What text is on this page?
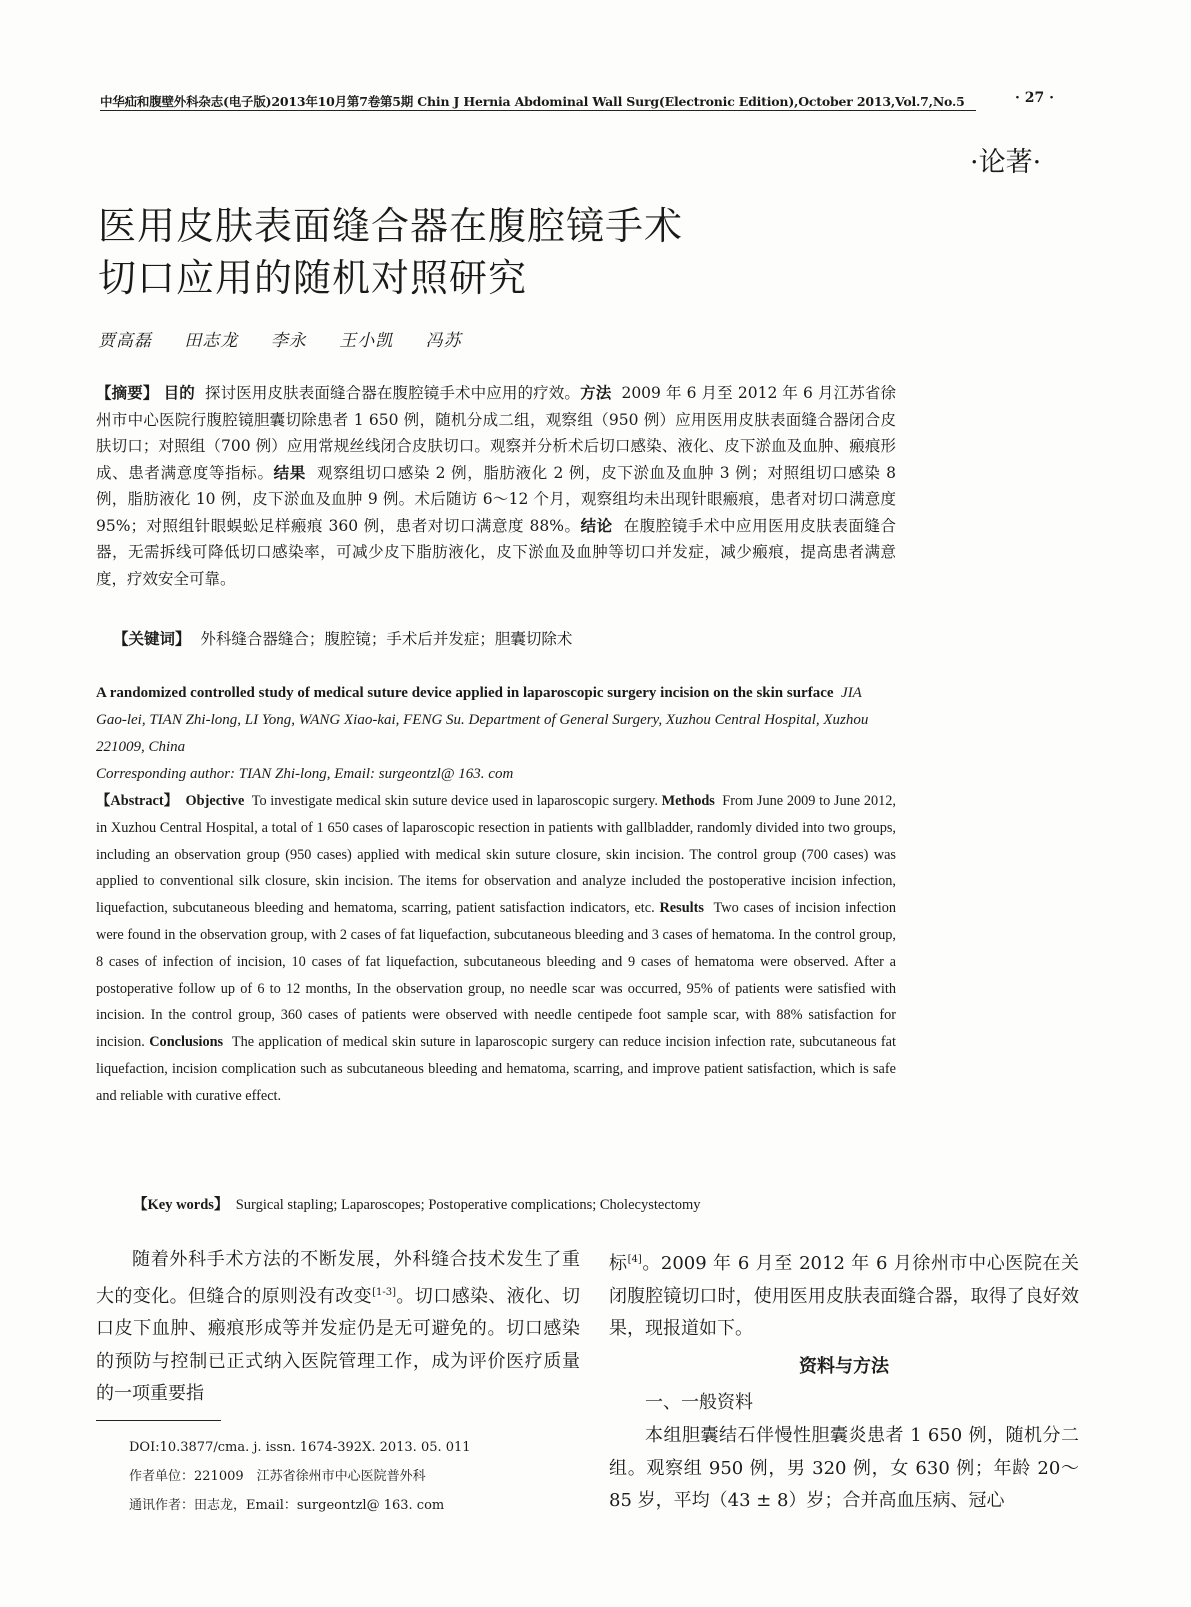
中华疝和腹壁外科杂志(电子版)2013年10月第7卷第5期 Chin J Hernia Abdominal Wall Surg(Electronic Edition),October 2013,Vol.7,No.5	· 27 ·
·论著·
医用皮肤表面缝合器在腹腔镜手术
切口应用的随机对照研究
贾高磊 田志龙 李永 王小凯 冯苏
【摘要】 目的 探讨医用皮肤表面缝合器在腹腔镜手术中应用的疗效。方法 2009 年 6 月至 2012 年 6 月江苏省徐州市中心医院行腹腔镜胆囊切除患者 1 650 例，随机分成二组，观察组（950 例）应用医用皮肤表面缝合器闭合皮肤切口；对照组（700 例）应用常规丝线闭合皮肤切口。观察并分析术后切口感染、液化、皮下淤血及血肿、瘢痕形成、患者满意度等指标。结果 观察组切口感染 2 例，脂肪液化 2 例，皮下淤血及血肿 3 例；对照组切口感染 8 例，脂肪液化 10 例，皮下淤血及血肿 9 例。术后随访 6～12 个月，观察组均未出现针眼瘢痕，患者对切口满意度 95%；对照组针眼蜈蚣足样瘢痕 360 例，患者对切口满意度 88%。结论 在腹腔镜手术中应用医用皮肤表面缝合器，无需拆线可降低切口感染率，可减少皮下脂肪液化，皮下淤血及血肿等切口并发症，减少瘢痕，提高患者满意度，疗效安全可靠。
【关键词】 外科缝合器缝合；腹腔镜；手术后并发症；胆囊切除术
A randomized controlled study of medical suture device applied in laparoscopic surgery incision on the skin surface JIA Gao-lei, TIAN Zhi-long, LI Yong, WANG Xiao-kai, FENG Su. Department of General Surgery, Xuzhou Central Hospital, Xuzhou 221009, China
Corresponding author: TIAN Zhi-long, Email: surgeontzl@ 163. com
【Abstract】 Objective To investigate medical skin suture device used in laparoscopic surgery. Methods From June 2009 to June 2012, in Xuzhou Central Hospital, a total of 1 650 cases of laparoscopic resection in patients with gallbladder, randomly divided into two groups, including an observation group (950 cases) applied with medical skin suture closure, skin incision. The control group (700 cases) was applied to conventional silk closure, skin incision. The items for observation and analyze included the postoperative incision infection, liquefaction, subcutaneous bleeding and hematoma, scarring, patient satisfaction indicators, etc. Results Two cases of incision infection were found in the observation group, with 2 cases of fat liquefaction, subcutaneous bleeding and 3 cases of hematoma. In the control group, 8 cases of infection of incision, 10 cases of fat liquefaction, subcutaneous bleeding and 9 cases of hematoma were observed. After a postoperative follow up of 6 to 12 months, In the observation group, no needle scar was occurred, 95% of patients were satisfied with incision. In the control group, 360 cases of patients were observed with needle centipede foot sample scar, with 88% satisfaction for incision. Conclusions The application of medical skin suture in laparoscopic surgery can reduce incision infection rate, subcutaneous fat liquefaction, incision complication such as subcutaneous bleeding and hematoma, scarring, and improve patient satisfaction, which is safe and reliable with curative effect.
【Key words】 Surgical stapling; Laparoscopes; Postoperative complications; Cholecystectomy
随着外科手术方法的不断发展，外科缝合技术发生了重大的变化。但缝合的原则没有改变[1-3]。切口感染、液化、切口皮下血肿、瘢痕形成等并发症仍是无可避免的。切口感染的预防与控制已正式纳入医院管理工作，成为评价医疗质量的一项重要指
标[4]。2009 年 6 月至 2012 年 6 月徐州市中心医院在关闭腹腔镜切口时，使用医用皮肤表面缝合器，取得了良好效果，现报道如下。
资料与方法
一、一般资料
本组胆囊结石伴慢性胆囊炎患者 1 650 例，随机分二组。观察组 950 例，男 320 例，女 630 例；年龄 20～85 岁，平均（43 ± 8）岁；合并高血压病、冠心
DOI:10.3877/cma. j. issn. 1674-392X. 2013. 05. 011
作者单位：221009　江苏省徐州市中心医院普外科
通讯作者：田志龙，Email：surgeontzl@ 163. com
